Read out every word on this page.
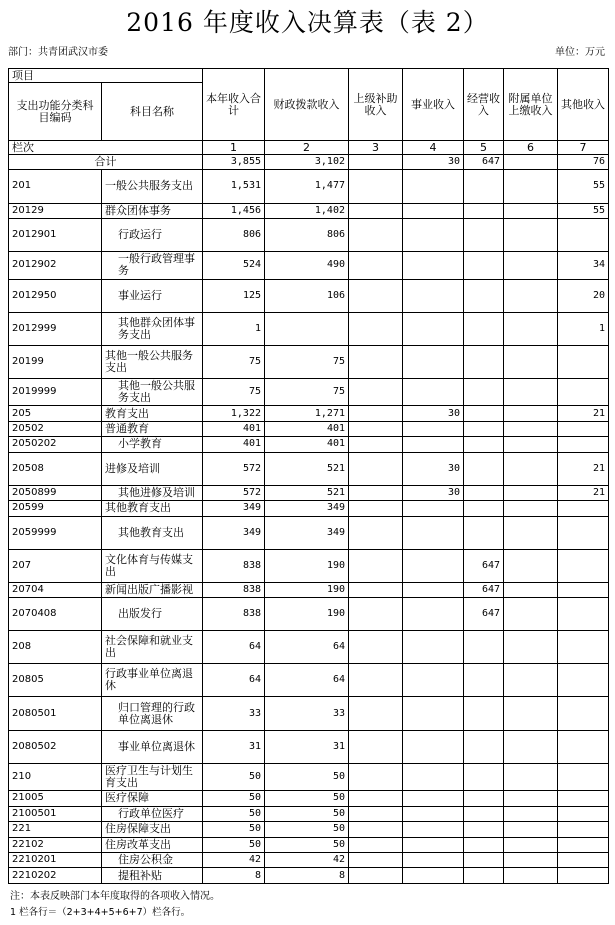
2016 年度收入决算表（表 2）
部门：共青团武汉市委	单位：万元
项目		本年收入合计	财政拨款收入	上级补助收入	事业收入	经营收入	附属单位上缴收入	其他收入
支出功能分类科目编码	科目名称							
栏次		1	2	3	4	5	6	7
合计		3,855	3,102		30	647		76
201	一般公共服务支出	1,531	1,477					55
20129	群众团体事务	1,456	1,402					55
2012901	行政运行	806	806					
2012902	一般行政管理事务	524	490					34
2012950	事业运行	125	106					20
2012999	其他群众团体事务支出	1						1
20199	其他一般公共服务支出	75	75					
2019999	其他一般公共服务支出	75	75					
205	教育支出	1,322	1,271		30			21
20502	普通教育	401	401					
2050202	小学教育	401	401					
20508	进修及培训	572	521		30			21
2050899	其他进修及培训	572	521		30			21
20599	其他教育支出	349	349					
2059999	其他教育支出	349	349					
207	文化体育与传媒支出	838	190			647		
20704	新闻出版广播影视	838	190			647		
2070408	出版发行	838	190			647		
208	社会保障和就业支出	64	64					
20805	行政事业单位离退休	64	64					
2080501	归口管理的行政单位离退休	33	33					
2080502	事业单位离退休	31	31					
210	医疗卫生与计划生育支出	50	50					
21005	医疗保障	50	50					
2100501	行政单位医疗	50	50					
221	住房保障支出	50	50					
22102	住房改革支出	50	50					
2210201	住房公积金	42	42					
2210202	提租补贴	8	8					
注：本表反映部门本年度取得的各项收入情况。
1 栏各行＝（2+3+4+5+6+7）栏各行。
